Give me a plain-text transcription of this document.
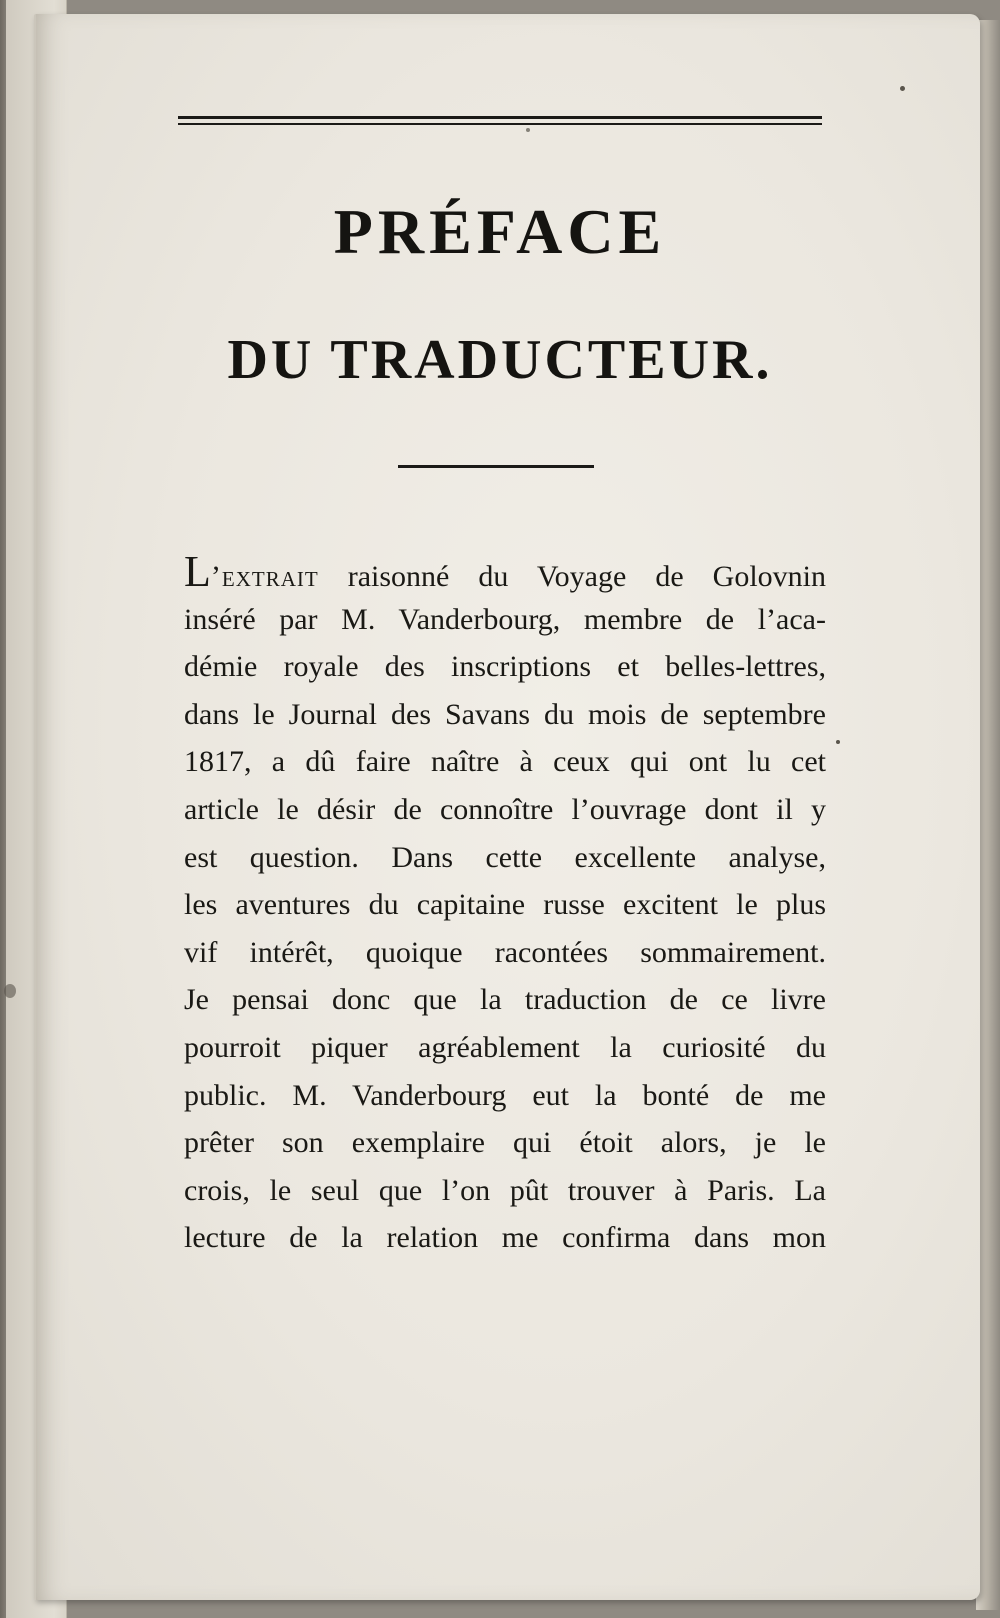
PRÉFACE
DU TRADUCTEUR.
L’extrait raisonné du Voyage de Golovnin
inséré par M. Vanderbourg, membre de l’aca-
démie royale des inscriptions et belles-lettres,
dans le Journal des Savans du mois de septembre
1817, a dû faire naître à ceux qui ont lu cet
article le désir de connoître l’ouvrage dont il y
est question. Dans cette excellente analyse,
les aventures du capitaine russe excitent le plus
vif intérêt, quoique racontées sommairement.
Je pensai donc que la traduction de ce livre
pourroit piquer agréablement la curiosité du
public. M. Vanderbourg eut la bonté de me
prêter son exemplaire qui étoit alors, je le
crois, le seul que l’on pût trouver à Paris. La
lecture de la relation me confirma dans mon
